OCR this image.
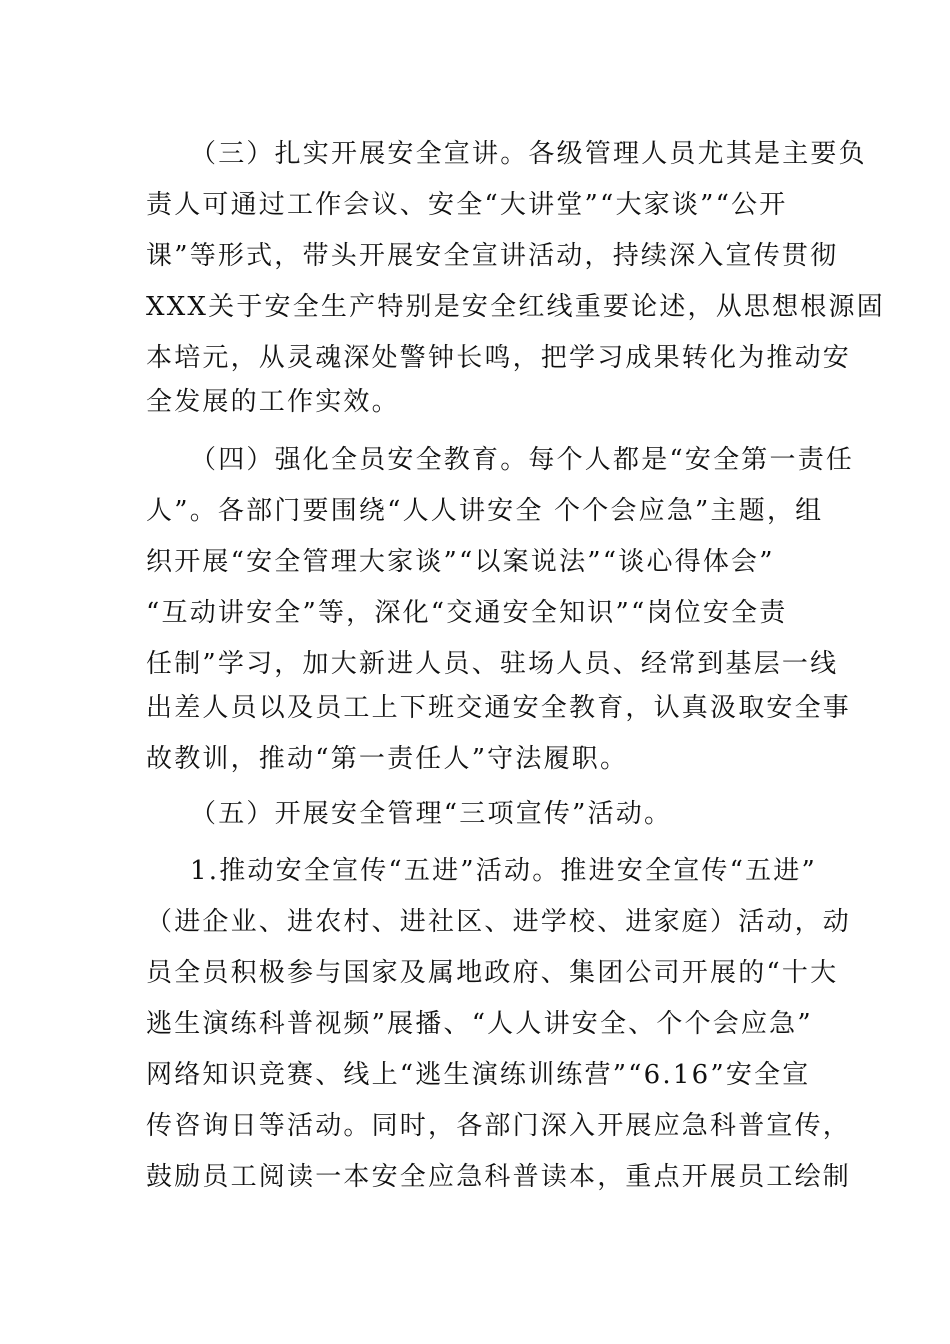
（三）扎实开展安全宣讲。各级管理人员尤其是主要负
责人可通过工作会议、安全“大讲堂”“大家谈”“公开
课”等形式，带头开展安全宣讲活动，持续深入宣传贯彻
XXX关于安全生产特别是安全红线重要论述，从思想根源固
本培元，从灵魂深处警钟长鸣，把学习成果转化为推动安
全发展的工作实效。
（四）强化全员安全教育。每个人都是“安全第一责任
人”。各部门要围绕“人人讲安全 个个会应急”主题，组
织开展“安全管理大家谈”“以案说法”“谈心得体会”
“互动讲安全”等，深化“交通安全知识”“岗位安全责
任制”学习，加大新进人员、驻场人员、经常到基层一线
出差人员以及员工上下班交通安全教育，认真汲取安全事
故教训，推动“第一责任人”守法履职。
（五）开展安全管理“三项宣传”活动。
1.推动安全宣传“五进”活动。推进安全宣传“五进”
（进企业、进农村、进社区、进学校、进家庭）活动，动
员全员积极参与国家及属地政府、集团公司开展的“十大
逃生演练科普视频”展播、“人人讲安全、个个会应急”
网络知识竞赛、线上“逃生演练训练营”“6.16”安全宣
传咨询日等活动。同时，各部门深入开展应急科普宣传，
鼓励员工阅读一本安全应急科普读本，重点开展员工绘制
